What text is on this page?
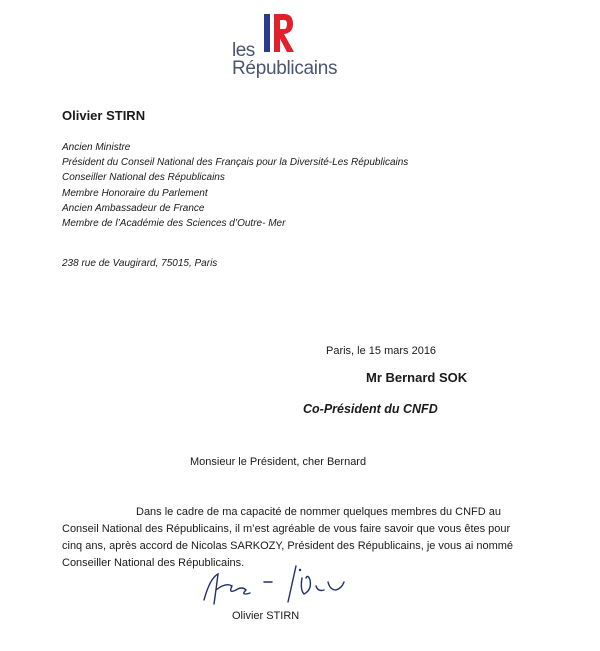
les
Républicains
Olivier STIRN
Ancien Ministre
Président du Conseil National des Français pour la Diversité-Les Républicains
Conseiller National des Républicains
Membre Honoraire du Parlement
Ancien Ambassadeur de France
Membre de l’Académie des Sciences d’Outre- Mer
238 rue de Vaugirard, 75015, Paris
Paris, le 15 mars 2016
Mr Bernard SOK
Co-Président du CNFD
Monsieur le Président, cher Bernard
Dans le cadre de ma capacité de nommer quelques membres du CNFD au
Conseil National des Républicains, il m’est agréable de vous faire savoir que vous êtes pour
cinq ans, après accord de Nicolas SARKOZY, Président des Républicains, je vous ai nommé
Conseiller National des Républicains.
Olivier STIRN
